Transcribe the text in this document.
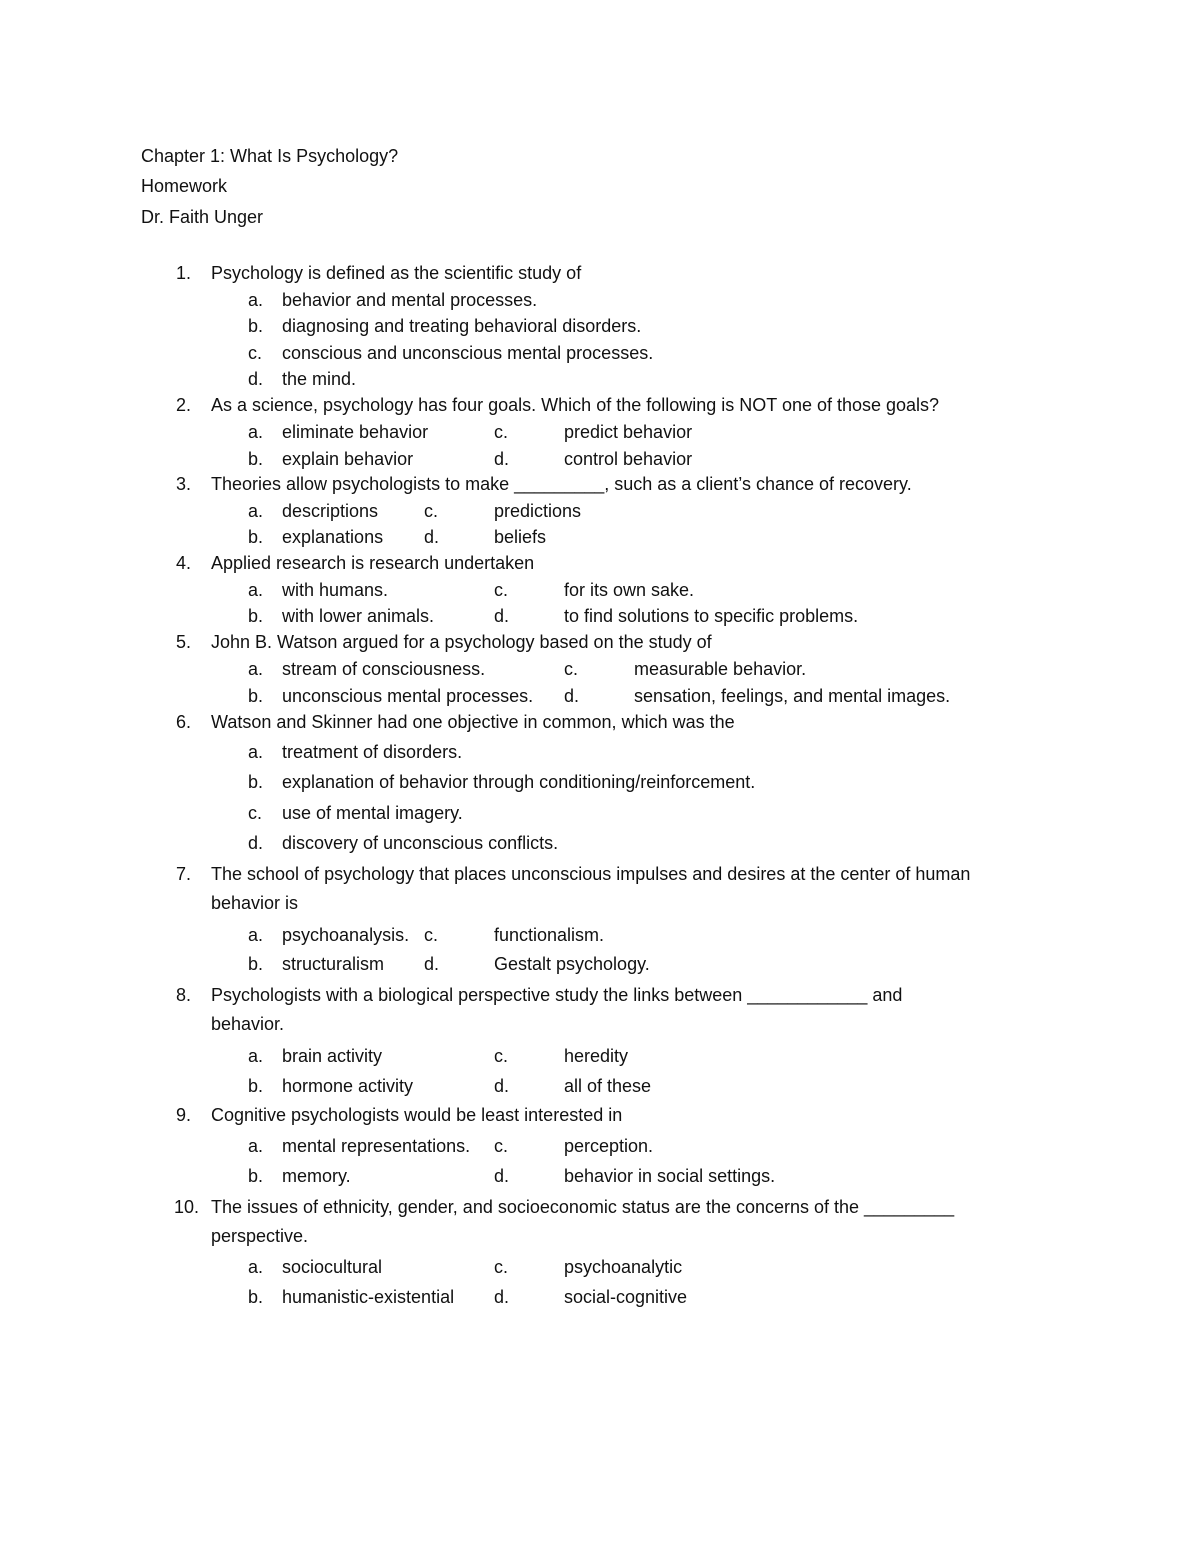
Chapter 1: What Is Psychology?
Homework
Dr. Faith Unger
1. Psychology is defined as the scientific study of
a. behavior and mental processes.
b. diagnosing and treating behavioral disorders.
c. conscious and unconscious mental processes.
d. the mind.
2. As a science, psychology has four goals. Which of the following is NOT one of those goals?
a. eliminate behavior	c.	predict behavior
b. explain behavior	d.	control behavior
3. Theories allow psychologists to make _________, such as a client’s chance of recovery.
a. descriptions	c.	predictions
b. explanations d.	beliefs
4. Applied research is research undertaken
a. with humans.	c.	for its own sake.
b. with lower animals.	d.	to find solutions to specific problems.
5. John B. Watson argued for a psychology based on the study of
a. stream of consciousness.	c.	measurable behavior.
b. unconscious mental processes. d.	sensation, feelings, and mental images.
6. Watson and Skinner had one objective in common, which was the
a. treatment of disorders.
b. explanation of behavior through conditioning/reinforcement.
c. use of mental imagery.
d. discovery of unconscious conflicts.
7. The school of psychology that places unconscious impulses and desires at the center of human
behavior is
a. psychoanalysis. c.	functionalism.
b. structuralism d.	Gestalt psychology.
8. Psychologists with a biological perspective study the links between ____________ and
behavior.
a. brain activity	c.	heredity
b. hormone activity	d.	all of these
9. Cognitive psychologists would be least interested in
a. mental representations. c.	perception.
b. memory.	d.	behavior in social settings.
10. The issues of ethnicity, gender, and socioeconomic status are the concerns of the _________
perspective.
a. sociocultural	c.	psychoanalytic
b. humanistic-existential d.	social-cognitive
